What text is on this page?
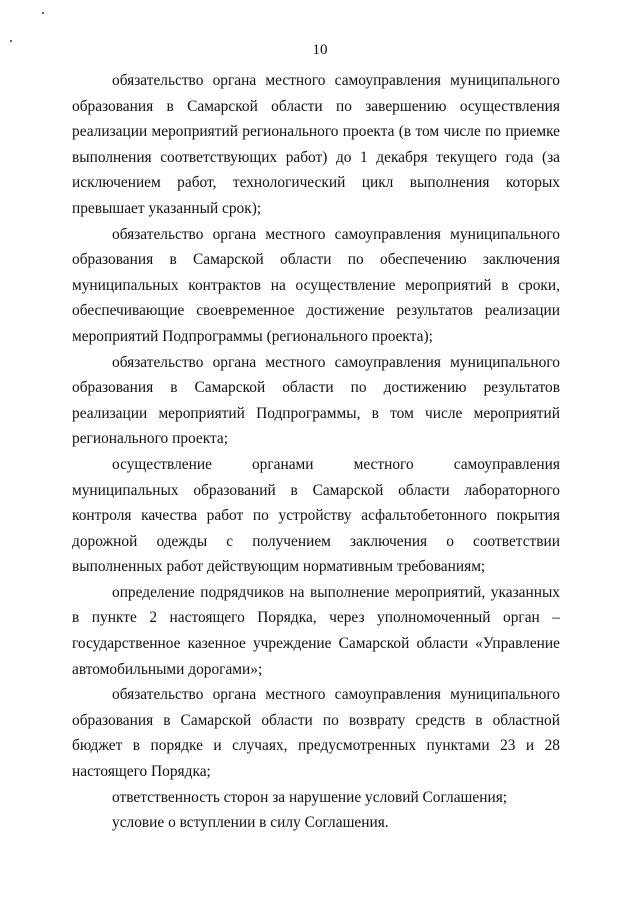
10

обязательство органа местного самоуправления муниципального образования в Самарской области по завершению осуществления реализации мероприятий регионального проекта (в том числе по приемке выполнения соответствующих работ) до 1 декабря текущего года (за исключением работ, технологический цикл выполнения которых превышает указанный срок);

обязательство органа местного самоуправления муниципального образования в Самарской области по обеспечению заключения муниципальных контрактов на осуществление мероприятий в сроки, обеспечивающие своевременное достижение результатов реализации мероприятий Подпрограммы (регионального проекта);

обязательство органа местного самоуправления муниципального образования в Самарской области по достижению результатов реализации мероприятий Подпрограммы, в том числе мероприятий регионального проекта;

осуществление органами местного самоуправления муниципальных образований в Самарской области лабораторного контроля качества работ по устройству асфальтобетонного покрытия дорожной одежды с получением заключения о соответствии выполненных работ действующим нормативным требованиям;

определение подрядчиков на выполнение мероприятий, указанных в пункте 2 настоящего Порядка, через уполномоченный орган – государственное казенное учреждение Самарской области «Управление автомобильными дорогами»;

обязательство органа местного самоуправления муниципального образования в Самарской области по возврату средств в областной бюджет в порядке и случаях, предусмотренных пунктами 23 и 28 настоящего Порядка;

ответственность сторон за нарушение условий Соглашения;

условие о вступлении в силу Соглашения.
